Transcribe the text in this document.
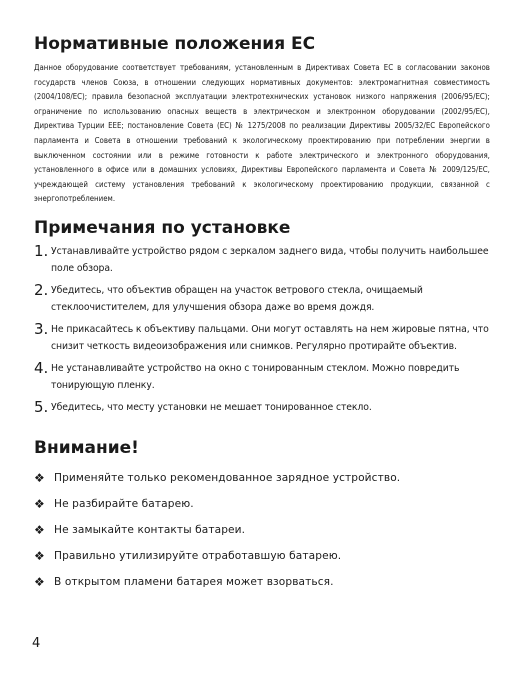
Нормативные положения ЕС

Данное оборудование соответствует требованиям, установленным в Директивах Совета ЕС в согласовании законов государств членов Союза, в отношении следующих нормативных документов: электромагнитная совместимость (2004/108/EC); правила безопасной эксплуатации электротехнических установок низкого напряжения (2006/95/EC); ограничение по использованию опасных веществ в электрическом и электронном оборудовании (2002/95/EC), Директива Турции EEE; постановление Совета (ЕС) № 1275/2008 по реализации Директивы 2005/32/EC Европейского парламента и Совета в отношении требований к экологическому проектированию при потреблении энергии в выключенном состоянии или в режиме готовности к работе электрического и электронного оборудования, установленного в офисе или в домашних условиях, Директивы Европейского парламента и Совета № 2009/125/EC, учреждающей систему установления требований к экологическому проектированию продукции, связанной с энергопотреблением.

Примечания по установке
1. Устанавливайте устройство рядом с зеркалом заднего вида, чтобы получить наибольшее поле обзора.
2. Убедитесь, что объектив обращен на участок ветрового стекла, очищаемый стеклоочистителем, для улучшения обзора даже во время дождя.
3. Не прикасайтесь к объективу пальцами. Они могут оставлять на нем жировые пятна, что снизит четкость видеоизображения или снимков. Регулярно протирайте объектив.
4. Не устанавливайте устройство на окно с тонированным стеклом. Можно повредить тонирующую пленку.
5. Убедитесь, что месту установки не мешает тонированное стекло.
Внимание!
❖ Применяйте только рекомендованное зарядное устройство.
❖ Не разбирайте батарею.
❖ Не замыкайте контакты батареи.
❖ Правильно утилизируйте отработавшую батарею.
❖ В открытом пламени батарея может взорваться.
4
